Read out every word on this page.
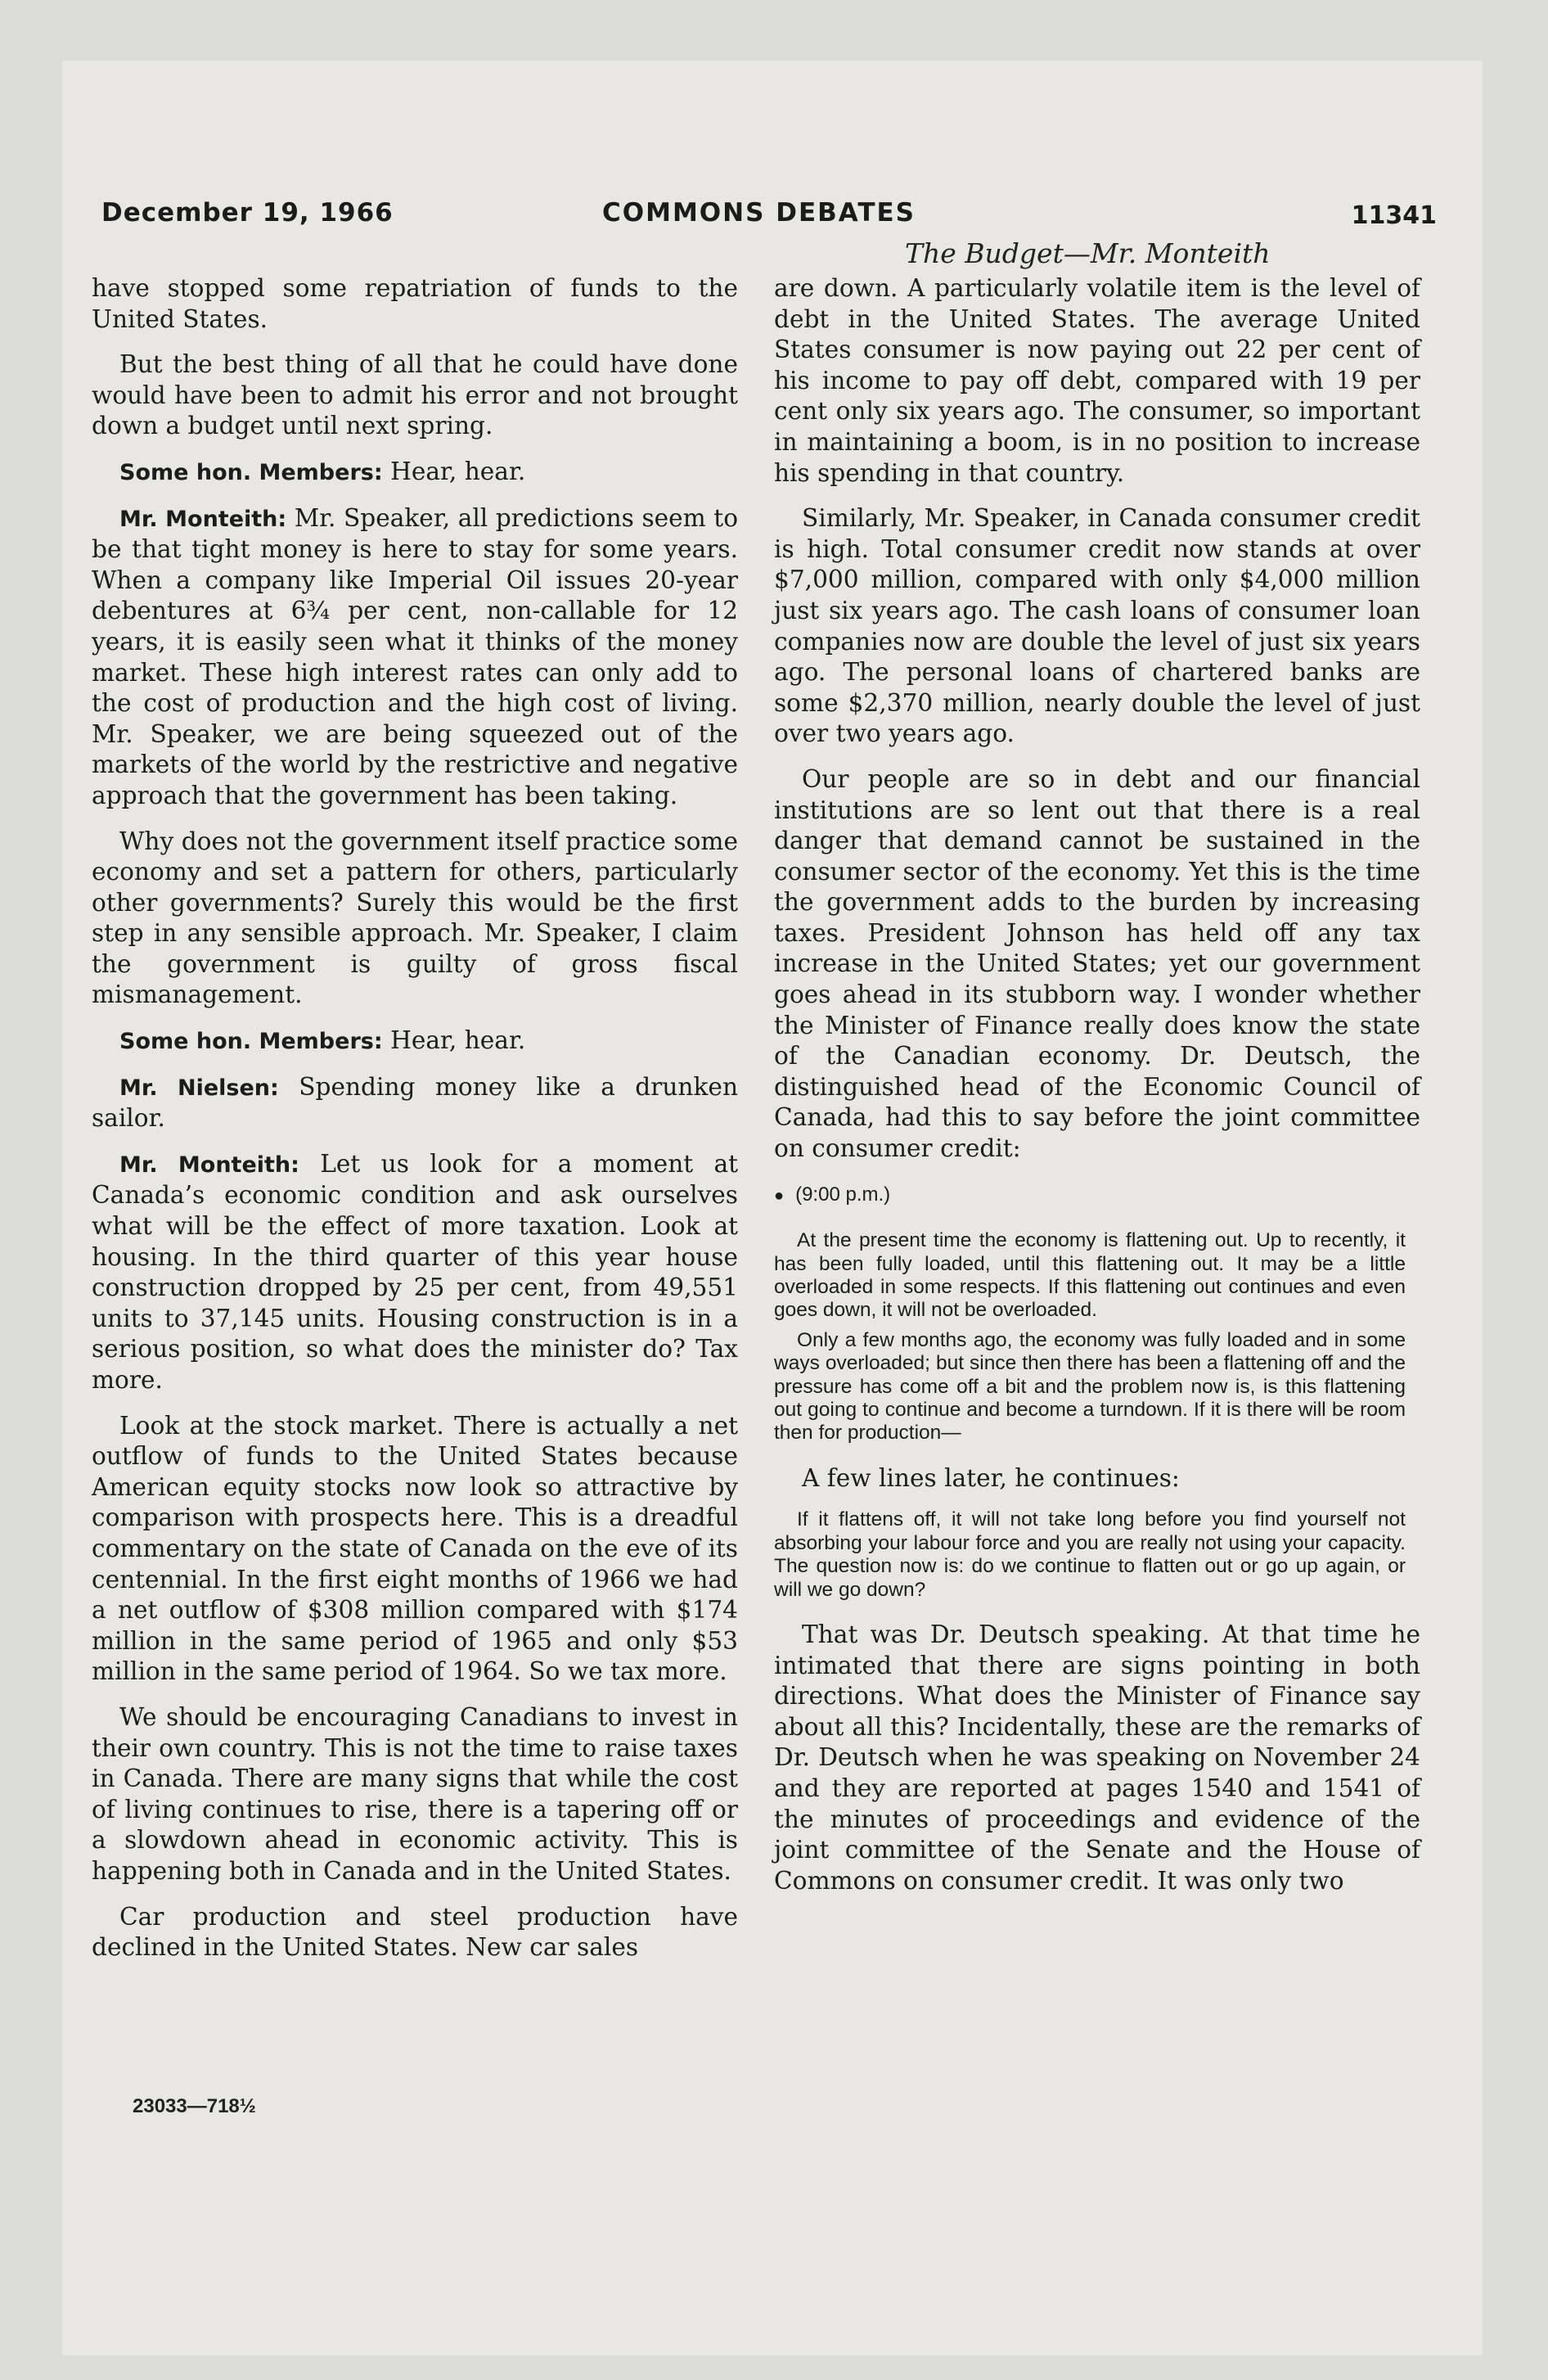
December 19, 1966	COMMONS DEBATES	11341
The Budget—Mr. Monteith

have stopped some repatriation of funds to the United States.

But the best thing of all that he could have done would have been to admit his error and not brought down a budget until next spring.

Some hon. Members: Hear, hear.

Mr. Monteith: Mr. Speaker, all predictions seem to be that tight money is here to stay for some years. When a company like Imperial Oil issues 20-year debentures at 6¾ per cent, non-callable for 12 years, it is easily seen what it thinks of the money market. These high interest rates can only add to the cost of production and the high cost of living. Mr. Speaker, we are being squeezed out of the markets of the world by the restrictive and negative approach that the government has been taking.

Why does not the government itself practice some economy and set a pattern for others, particularly other governments? Surely this would be the first step in any sensible approach. Mr. Speaker, I claim the government is guilty of gross fiscal mismanagement.

Some hon. Members: Hear, hear.

Mr. Nielsen: Spending money like a drunken sailor.

Mr. Monteith: Let us look for a moment at Canada’s economic condition and ask ourselves what will be the effect of more taxation. Look at housing. In the third quarter of this year house construction dropped by 25 per cent, from 49,551 units to 37,145 units. Housing construction is in a serious position, so what does the minister do? Tax more.

Look at the stock market. There is actually a net outflow of funds to the United States because American equity stocks now look so attractive by comparison with prospects here. This is a dreadful commentary on the state of Canada on the eve of its centennial. In the first eight months of 1966 we had a net outflow of $308 million compared with $174 million in the same period of 1965 and only $53 million in the same period of 1964. So we tax more.

We should be encouraging Canadians to invest in their own country. This is not the time to raise taxes in Canada. There are many signs that while the cost of living continues to rise, there is a tapering off or a slowdown ahead in economic activity. This is happening both in Canada and in the United States.

Car production and steel production have declined in the United States. New car sales

are down. A particularly volatile item is the level of debt in the United States. The average United States consumer is now paying out 22 per cent of his income to pay off debt, compared with 19 per cent only six years ago. The consumer, so important in maintaining a boom, is in no position to increase his spending in that country.

Similarly, Mr. Speaker, in Canada consumer credit is high. Total consumer credit now stands at over $7,000 million, compared with only $4,000 million just six years ago. The cash loans of consumer loan companies now are double the level of just six years ago. The personal loans of chartered banks are some $2,370 million, nearly double the level of just over two years ago.

Our people are so in debt and our financial institutions are so lent out that there is a real danger that demand cannot be sustained in the consumer sector of the economy. Yet this is the time the government adds to the burden by increasing taxes. President Johnson has held off any tax increase in the United States; yet our government goes ahead in its stubborn way. I wonder whether the Minister of Finance really does know the state of the Canadian economy. Dr. Deutsch, the distinguished head of the Economic Council of Canada, had this to say before the joint committee on consumer credit:

● (9:00 p.m.)

At the present time the economy is flattening out. Up to recently, it has been fully loaded, until this flattening out. It may be a little overloaded in some respects. If this flattening out continues and even goes down, it will not be overloaded.

Only a few months ago, the economy was fully loaded and in some ways overloaded; but since then there has been a flattening off and the pressure has come off a bit and the problem now is, is this flattening out going to continue and become a turndown. If it is there will be room then for production—

A few lines later, he continues:

If it flattens off, it will not take long before you find yourself not absorbing your labour force and you are really not using your capacity. The question now is: do we continue to flatten out or go up again, or will we go down?

That was Dr. Deutsch speaking. At that time he intimated that there are signs pointing in both directions. What does the Minister of Finance say about all this? Incidentally, these are the remarks of Dr. Deutsch when he was speaking on November 24 and they are reported at pages 1540 and 1541 of the minutes of proceedings and evidence of the joint committee of the Senate and the House of Commons on consumer credit. It was only two

23033—718½
